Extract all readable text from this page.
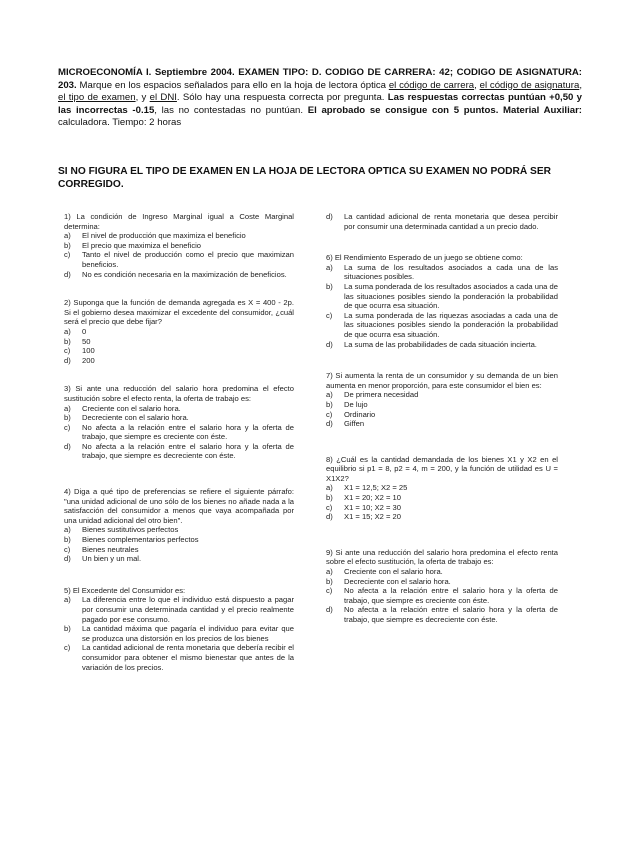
MICROECONOMÍA I. Septiembre 2004. EXAMEN TIPO: D. CODIGO DE CARRERA: 42; CODIGO DE ASIGNATURA: 203. Marque en los espacios señalados para ello en la hoja de lectora óptica el código de carrera, el código de asignatura, el tipo de examen, y el DNI. Sólo hay una respuesta correcta por pregunta. Las respuestas correctas puntúan +0,50 y las incorrectas -0.15, las no contestadas no puntúan. El aprobado se consigue con 5 puntos. Material Auxiliar: calculadora. Tiempo: 2 horas
SI NO FIGURA EL TIPO DE EXAMEN EN LA HOJA DE LECTORA OPTICA SU EXAMEN NO PODRÁ SER CORREGIDO.
1) La condición de Ingreso Marginal igual a Coste Marginal determina:
a)	El nivel de producción que maximiza el beneficio
b)	El precio que maximiza el beneficio
c)	Tanto el nivel de producción como el precio que maximizan beneficios.
d)	No es condición necesaria en la maximización de beneficios.
2) Suponga que la función de demanda agregada es X = 400 - 2p. Si el gobierno desea maximizar el excedente del consumidor, ¿cuál será el precio que debe fijar?
a)	0
b)	50
c)	100
d)	200
3) Si ante una reducción del salario hora predomina el efecto sustitución sobre el efecto renta, la oferta de trabajo es:
a)	Creciente con el salario hora.
b)	Decreciente con el salario hora.
c)	No afecta a la relación entre el salario hora y la oferta de trabajo, que siempre es creciente con éste.
d)	No afecta a la relación entre el salario hora y la oferta de trabajo, que siempre es decreciente con éste.
4) Diga a qué tipo de preferencias se refiere el siguiente párrafo: "una unidad adicional de uno sólo de los bienes no añade nada a la satisfacción del consumidor a menos que vaya acompañada por una unidad adicional del otro bien".
a)	Bienes sustitutivos perfectos
b)	Bienes complementarios perfectos
c)	Bienes neutrales
d)	Un bien y un mal.
5) El Excedente del Consumidor es:
a)	La diferencia entre lo que el individuo está dispuesto a pagar por consumir una determinada cantidad y el precio realmente pagado por ese consumo.
b)	La cantidad máxima que pagaría el individuo para evitar que se produzca una distorsión en los precios de los bienes
c)	La cantidad adicional de renta monetaria que debería recibir el consumidor para obtener el mismo bienestar que antes de la variación de los precios.
d)	La cantidad adicional de renta monetaria que desea percibir por consumir una determinada cantidad a un precio dado.
6) El Rendimiento Esperado de un juego se obtiene como:
a)	La suma de los resultados asociados a cada una de las situaciones posibles.
b)	La suma ponderada de los resultados asociados a cada una de las situaciones posibles siendo la ponderación la probabilidad de que ocurra esa situación.
c)	La suma ponderada de las riquezas asociadas a cada una de las situaciones posibles siendo la ponderación la probabilidad de que ocurra esa situación.
d)	La suma de las probabilidades de cada situación incierta.
7) Si aumenta la renta de un consumidor y su demanda de un bien aumenta en menor proporción, para este consumidor el bien es:
a)	De primera necesidad
b)	De lujo
c)	Ordinario
d)	Giffen
8) ¿Cuál es la cantidad demandada de los bienes X1 y X2 en el equilibrio si p1 = 8, p2 = 4, m = 200, y la función de utilidad es U = X1X2?
a)	X1 = 12,5; X2 = 25
b)	X1 = 20; X2 = 10
c)	X1 = 10; X2 = 30
d)	X1 = 15; X2 = 20
9) Si ante una reducción del salario hora predomina el efecto renta sobre el efecto sustitución, la oferta de trabajo es:
a)	Creciente con el salario hora.
b)	Decreciente con el salario hora.
c)	No afecta a la relación entre el salario hora y la oferta de trabajo, que siempre es creciente con éste.
d)	No afecta a la relación entre el salario hora y la oferta de trabajo, que siempre es decreciente con éste.
